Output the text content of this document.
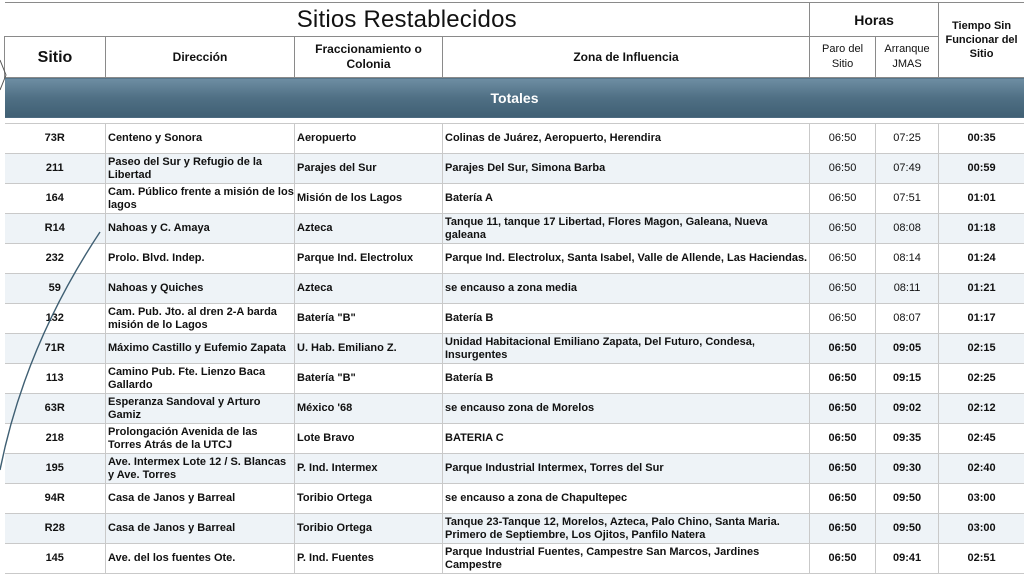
Sitios Restablecidos				Horas		Tiempo Sin Funcionar del Sitio
Sitio	Dirección	Fraccionamiento o Colonia	Zona de Influencia	Paro del Sitio	Arranque JMAS	
Totales						

73R	Centeno y Sonora	Aeropuerto	Colinas de Juárez, Aeropuerto, Herendira	06:50	07:25	00:35
211	Paseo del Sur y Refugio de la Libertad	Parajes del Sur	Parajes Del Sur, Simona Barba	06:50	07:49	00:59
164	Cam. Público frente a misión de los lagos	Misión de los Lagos	Batería A	06:50	07:51	01:01
R14	Nahoas y C. Amaya	Azteca	Tanque 11, tanque 17 Libertad, Flores Magon, Galeana, Nueva galeana	06:50	08:08	01:18
232	Prolo. Blvd. Indep.	Parque Ind. Electrolux	Parque Ind. Electrolux, Santa Isabel, Valle de Allende, Las Haciendas.	06:50	08:14	01:24
59	Nahoas y Quiches	Azteca	se encauso a zona media	06:50	08:11	01:21
132	Cam. Pub. Jto. al dren 2-A barda misión de lo Lagos	Batería "B"	Batería B	06:50	08:07	01:17
71R	Máximo Castillo y Eufemio Zapata	U. Hab. Emiliano Z.	Unidad Habitacional Emiliano Zapata, Del Futuro, Condesa, Insurgentes	06:50	09:05	02:15
113	Camino Pub. Fte. Lienzo Baca Gallardo	Batería "B"	Batería B	06:50	09:15	02:25
63R	Esperanza Sandoval y Arturo Gamiz	México '68	se encauso zona de Morelos	06:50	09:02	02:12
218	Prolongación Avenida de las Torres Atrás de la UTCJ	Lote Bravo	BATERIA C	06:50	09:35	02:45
195	Ave. Intermex Lote 12 / S. Blancas y Ave. Torres	P. Ind. Intermex	Parque Industrial Intermex, Torres del Sur	06:50	09:30	02:40
94R	Casa de Janos y Barreal	Toribio Ortega	se encauso a zona de Chapultepec	06:50	09:50	03:00
R28	Casa de Janos y Barreal	Toribio Ortega	Tanque 23-Tanque 12, Morelos, Azteca, Palo Chino, Santa Maria. Primero de Septiembre, Los Ojitos, Panfilo Natera	06:50	09:50	03:00
145	Ave. del los fuentes Ote.	P. Ind. Fuentes	Parque Industrial Fuentes, Campestre San Marcos, Jardines Campestre	06:50	09:41	02:51
